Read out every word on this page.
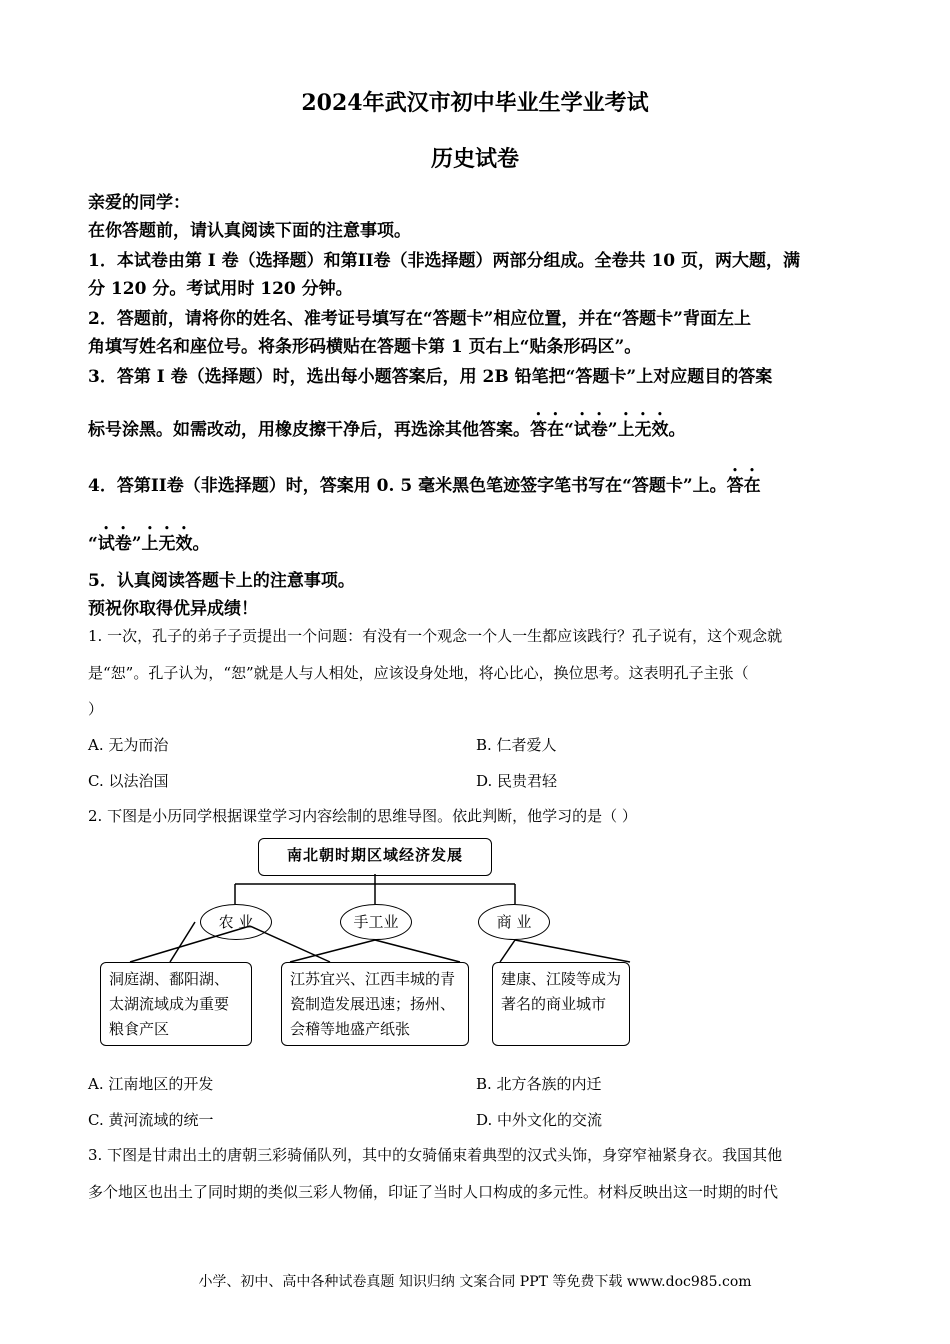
2024年武汉市初中毕业生学业考试
历史试卷
亲爱的同学：
在你答题前，请认真阅读下面的注意事项。
1．本试卷由第 I 卷（选择题）和第II卷（非选择题）两部分组成。全卷共 10 页，两大题，满
分 120 分。考试用时 120 分钟。
2．答题前，请将你的姓名、准考证号填写在“答题卡”相应位置，并在“答题卡”背面左上
角填写姓名和座位号。将条形码横贴在答题卡第 1 页右上“贴条形码区”。
3．答第 I 卷（选择题）时，选出每小题答案后，用 2B 铅笔把“答题卡”上对应题目的答案
标号涂黑。如需改动，用橡皮擦干净后，再选涂其他答案。答在“试卷”上无效。
4．答第II卷（非选择题）时，答案用 0. 5 毫米黑色笔迹签字笔书写在“答题卡”上。答在
“试卷”上无效。
5．认真阅读答题卡上的注意事项。
预祝你取得优异成绩！
1. 一次，孔子的弟子子贡提出一个问题：有没有一个观念一个人一生都应该践行？孔子说有，这个观念就
是“恕”。孔子认为，“恕”就是人与人相处，应该设身处地，将心比心，换位思考。这表明孔子主张（
）
A. 无为而治	B. 仁者爱人
C. 以法治国	D. 民贵君轻
2. 下图是小历同学根据课堂学习内容绘制的思维导图。依此判断，他学习的是（ ）
南北朝时期区域经济发展
农 业	手工业	商 业
洞庭湖、鄱阳湖、太湖流域成为重要粮食产区
江苏宜兴、江西丰城的青瓷制造发展迅速；扬州、会稽等地盛产纸张
建康、江陵等成为著名的商业城市
A. 江南地区的开发	B. 北方各族的内迁
C. 黄河流域的统一	D. 中外文化的交流
3. 下图是甘肃出土的唐朝三彩骑俑队列，其中的女骑俑束着典型的汉式头饰，身穿窄袖紧身衣。我国其他
多个地区也出土了同时期的类似三彩人物俑，印证了当时人口构成的多元性。材料反映出这一时期的时代
小学、初中、高中各种试卷真题 知识归纳 文案合同 PPT 等免费下载 www.doc985.com
